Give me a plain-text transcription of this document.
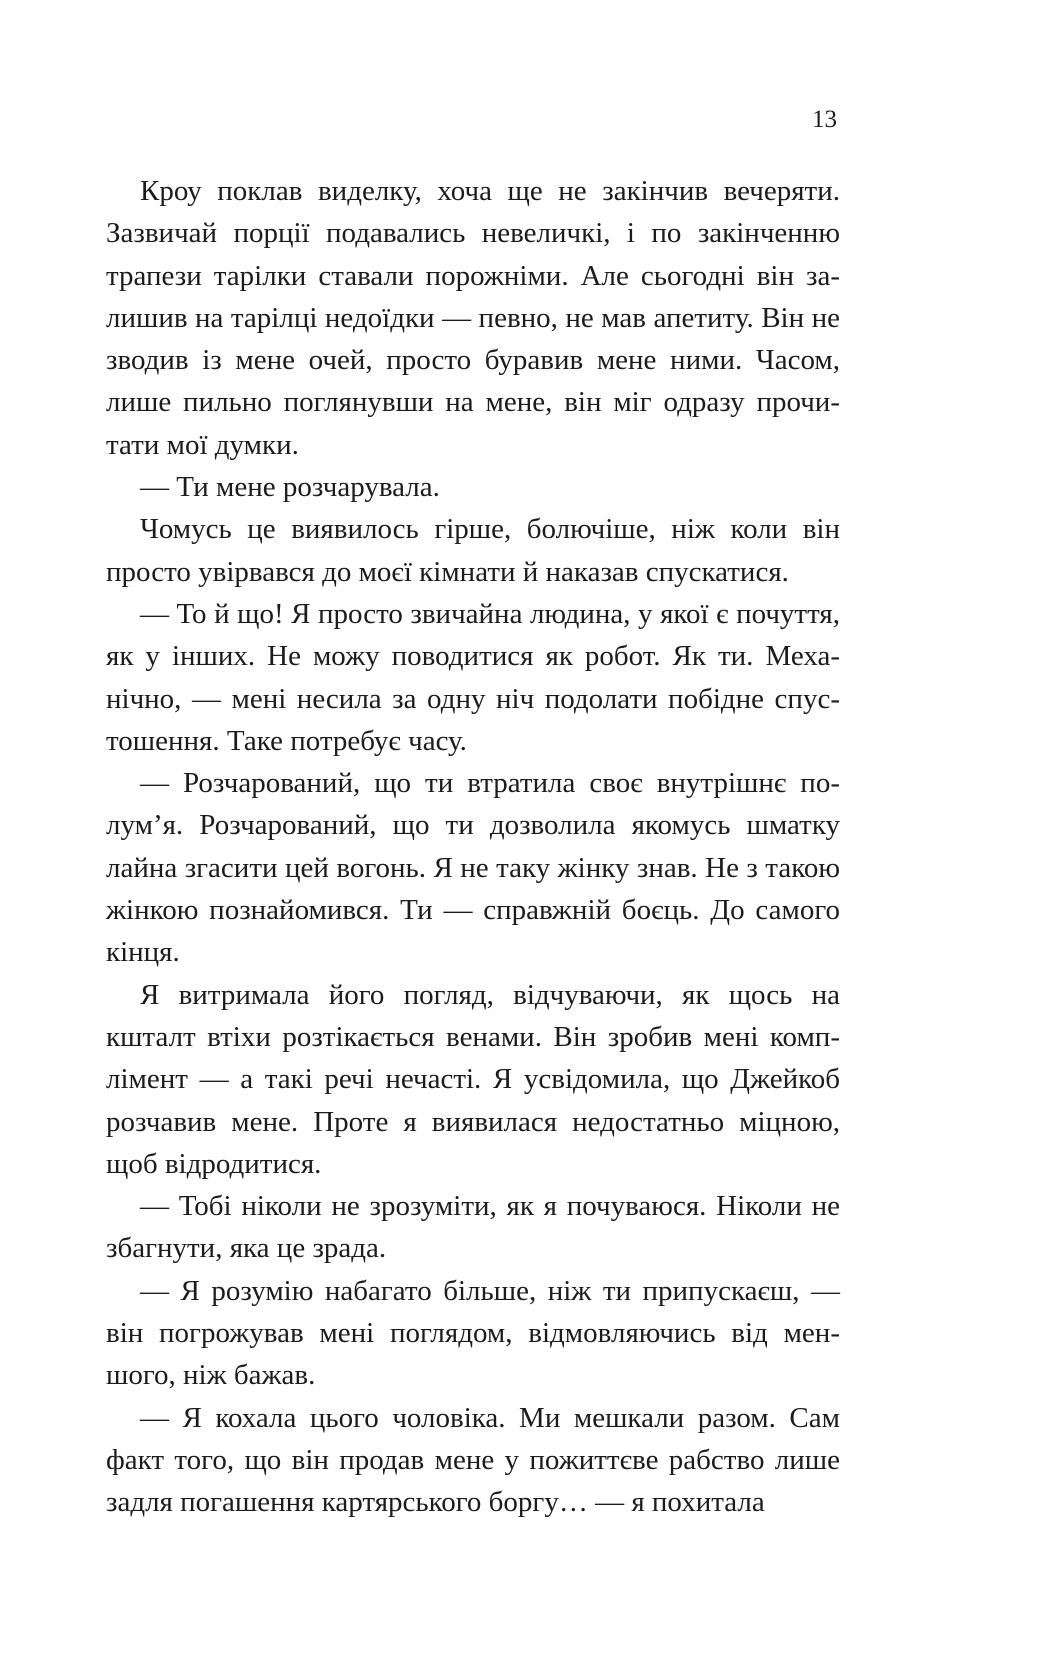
13

Кроу поклав виделку, хоча ще не закінчив вечеряти. Зазвичай порції подавались невеличкі, і по закінченню трапези тарілки ставали порожніми. Але сьогодні він залишив на тарілці недоїдки — певно, не мав апетиту. Він не зводив із мене очей, просто буравив мене ними. Часом, лише пильно поглянувши на мене, він міг одразу прочитати мої думки.

— Ти мене розчарувала.

Чомусь це виявилось гірше, болючіше, ніж коли він просто увірвався до моєї кімнати й наказав спускатися.

— То й що! Я просто звичайна людина, у якої є почуття, як у інших. Не можу поводитися як робот. Як ти. Механічно, — мені несила за одну ніч подолати побідне спустошення. Таке потребує часу.

— Розчарований, що ти втратила своє внутрішнє полум’я. Розчарований, що ти дозволила якомусь шматку лайна згасити цей вогонь. Я не таку жінку знав. Не з такою жінкою познайомився. Ти — справжній боєць. До самого кінця.

Я витримала його погляд, відчуваючи, як щось на кшталт втіхи розтікається венами. Він зробив мені комплімент — а такі речі нечасті. Я усвідомила, що Джейкоб розчавив мене. Проте я виявилася недостатньо міцною, щоб відродитися.

— Тобі ніколи не зрозуміти, як я почуваюся. Ніколи не збагнути, яка це зрада.

— Я розумію набагато більше, ніж ти припускаєш, — він погрожував мені поглядом, відмовляючись від меншого, ніж бажав.

— Я кохала цього чоловіка. Ми мешкали разом. Сам факт того, що він продав мене у пожиттєве рабство лише задля погашення картярського боргу… — я похитала
